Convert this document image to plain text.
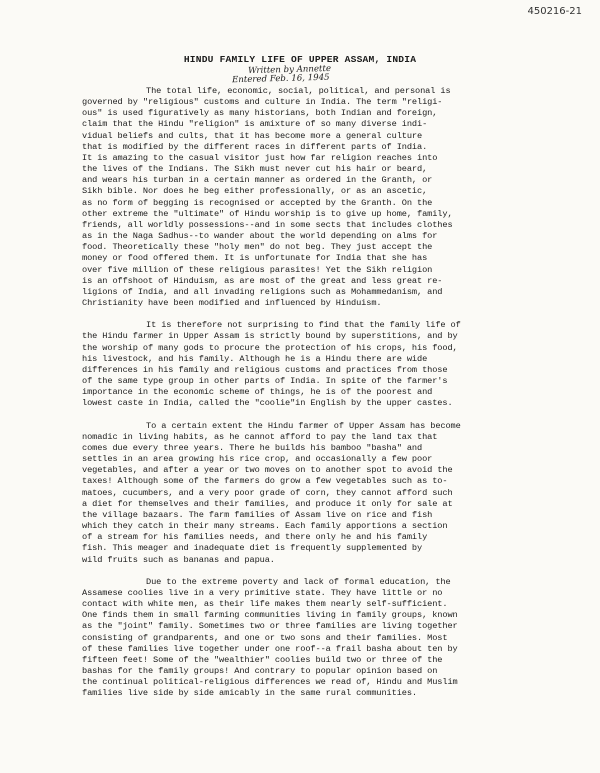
450216-21
HINDU FAMILY LIFE OF UPPER ASSAM, INDIA
Written by Annette
Entered Feb. 16, 1945
The total life, economic, social, political, and personal is
governed by "religious" customs and culture in India. The term "religi-
ous" is used figuratively as many historians, both Indian and foreign,
claim that the Hindu "religion" is amixture of so many diverse indi-
vidual beliefs and cults, that it has become more a general culture
that is modified by the different races in different parts of India.
It is amazing to the casual visitor just how far religion reaches into
the lives of the Indians. The Sikh must never cut his hair or beard,
and wears his turban in a certain manner as ordered in the Granth, or
Sikh bible. Nor does he beg either professionally, or as an ascetic,
as no form of begging is recognised or accepted by the Granth. On the
other extreme the "ultimate" of Hindu worship is to give up home, family,
friends, all worldly possessions--and in some sects that includes clothes
as in the Naga Sadhus--to wander about the world depending on alms for
food. Theoretically these "holy men" do not beg. They just accept the
money or food offered them. It is unfortunate for India that she has
over five million of these religious parasites! Yet the Sikh religion
is an offshoot of Hinduism, as are most of the great and less great re-
ligions of India, and all invading religions such as Mohammedanism, and
Christianity have been modified and influenced by Hinduism.
It is therefore not surprising to find that the family life of
the Hindu farmer in Upper Assam is strictly bound by superstitions, and by
the worship of many gods to procure the protection of his crops, his food,
his livestock, and his family. Although he is a Hindu there are wide
differences in his family and religious customs and practices from those
of the same type group in other parts of India. In spite of the farmer's
importance in the economic scheme of things, he is of the poorest and
lowest caste in India, called the "coolie"in English by the upper castes.
To a certain extent the Hindu farmer of Upper Assam has become
nomadic in living habits, as he cannot afford to pay the land tax that
comes due every three years. There he builds his bamboo "basha" and
settles in an area growing his rice crop, and occasionally a few poor
vegetables, and after a year or two moves on to another spot to avoid the
taxes! Although some of the farmers do grow a few vegetables such as to-
matoes, cucumbers, and a very poor grade of corn, they cannot afford such
a diet for themselves and their families, and produce it only for sale at
the village bazaars. The farm families of Assam live on rice and fish
which they catch in their many streams. Each family apportions a section
of a stream for his families needs, and there only he and his family
fish. This meager and inadequate diet is frequently supplemented by
wild fruits such as bananas and papua.
Due to the extreme poverty and lack of formal education, the
Assamese coolies live in a very primitive state. They have little or no
contact with white men, as their life makes them nearly self-sufficient.
One finds them in small farming communities living in family groups, known
as the "joint" family. Sometimes two or three families are living together
consisting of grandparents, and one or two sons and their families. Most
of these families live together under one roof--a frail basha about ten by
fifteen feet! Some of the "wealthier" coolies build two or three of the
bashas for the family groups! And contrary to popular opinion based on
the continual political-religious differences we read of, Hindu and Muslim
families live side by side amicably in the same rural communities.
